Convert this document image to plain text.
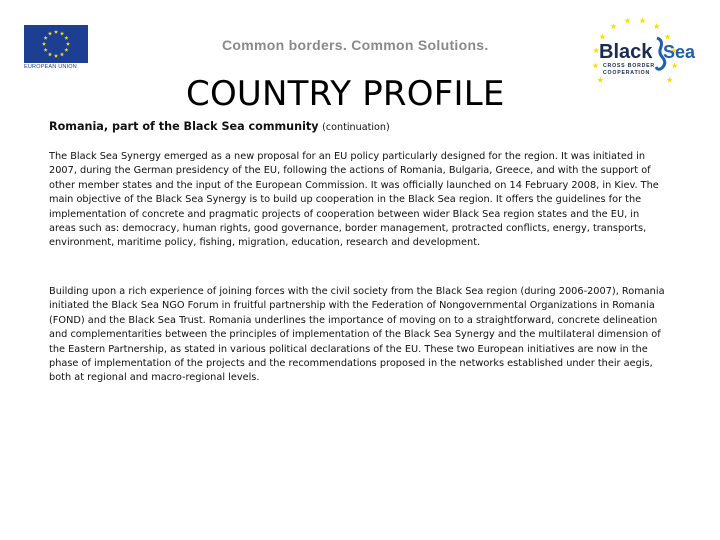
EUROPEAN UNION
Common borders. Common Solutions.	Black Sea
CROSS BORDER
COOPERATION
COUNTRY PROFILE
Romania, part of the Black Sea community (continuation)
The Black Sea Synergy emerged as a new proposal for an EU policy particularly designed for the region. It was initiated in 2007, during the German presidency of the EU, following the actions of Romania, Bulgaria, Greece, and with the support of other member states and the input of the European Commission. It was officially launched on 14 February 2008, in Kiev. The main objective of the Black Sea Synergy is to build up cooperation in the Black Sea region. It offers the guidelines for the implementation of concrete and pragmatic projects of cooperation between wider Black Sea region states and the EU, in areas such as: democracy, human rights, good governance, border management, protracted conflicts, energy, transports, environment, maritime policy, fishing, migration, education, research and development.
Building upon a rich experience of joining forces with the civil society from the Black Sea region (during 2006-2007), Romania initiated the Black Sea NGO Forum in fruitful partnership with the Federation of Nongovernmental Organizations in Romania (FOND) and the Black Sea Trust. Romania underlines the importance of moving on to a straightforward, concrete delineation and complementarities between the principles of implementation of the Black Sea Synergy and the multilateral dimension of the Eastern Partnership, as stated in various political declarations of the EU. These two European initiatives are now in the phase of implementation of the projects and the recommendations proposed in the networks established under their aegis, both at regional and macro-regional levels.
